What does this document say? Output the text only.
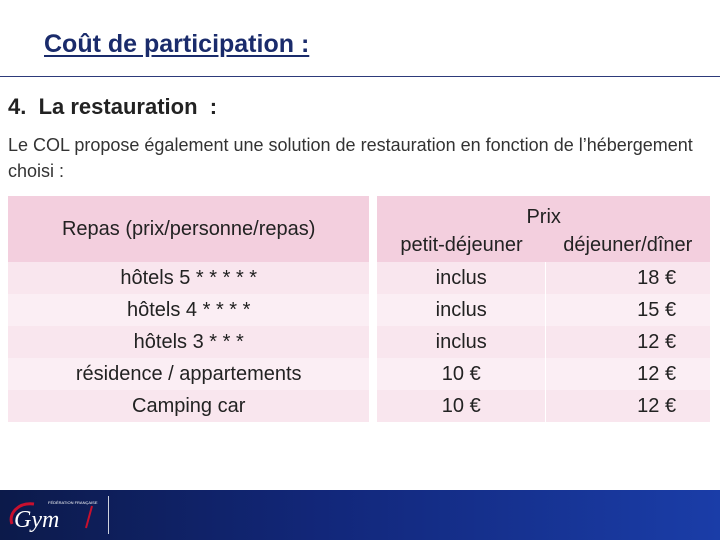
Coût de participation :
4.  La restauration  :
Le COL propose également une solution de restauration en fonction de l’hébergement choisi :
Repas (prix/personne/repas)		Prix	
		petit-déjeuner	déjeuner/dîner
hôtels 5 * * * * *		inclus	18 €
hôtels 4 * * * *		inclus	15 €
hôtels 3 * * *		inclus	12 €
résidence / appartements		10 €	12 €
Camping car		10 €	12 €
Gym
FÉDÉRATION FRANÇAISE
